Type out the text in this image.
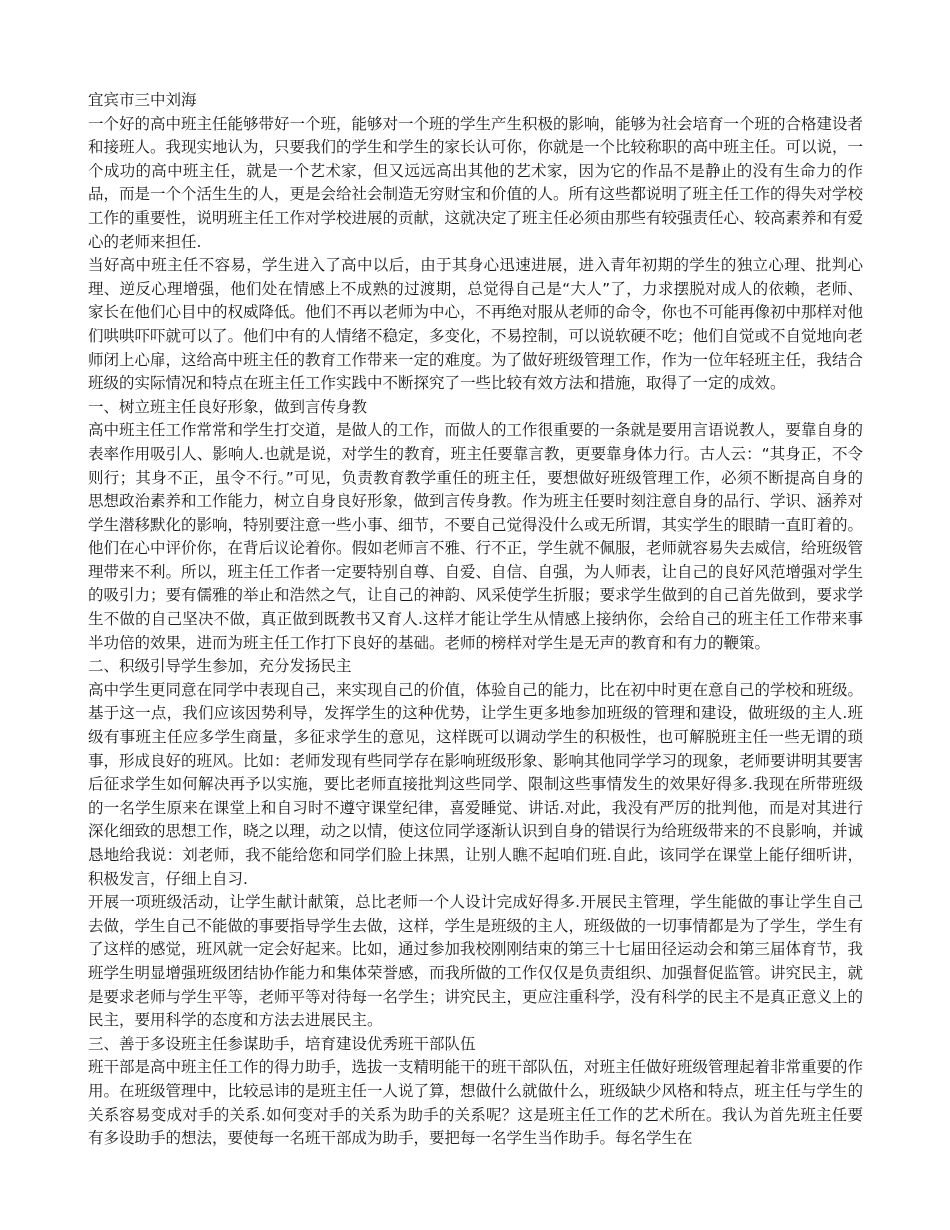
宜宾市三中刘海

一个好的高中班主任能够带好一个班，能够对一个班的学生产生积极的影响，能够为社会培育一个班的合格建设者和接班人。我现实地认为，只要我们的学生和学生的家长认可你，你就是一个比较称职的高中班主任。可以说，一个成功的高中班主任，就是一个艺术家，但又远远高出其他的艺术家，因为它的作品不是静止的没有生命力的作品，而是一个个活生生的人，更是会给社会制造无穷财宝和价值的人。所有这些都说明了班主任工作的得失对学校工作的重要性，说明班主任工作对学校进展的贡献，这就决定了班主任必须由那些有较强责任心、较高素养和有爱心的老师来担任.

当好高中班主任不容易，学生进入了高中以后，由于其身心迅速进展，进入青年初期的学生的独立心理、批判心理、逆反心理增强，他们处在情感上不成熟的过渡期，总觉得自己是“大人”了，力求摆脱对成人的依赖，老师、家长在他们心目中的权威降低。他们不再以老师为中心，不再绝对服从老师的命令，你也不可能再像初中那样对他们哄哄吓吓就可以了。他们中有的人情绪不稳定，多变化，不易控制，可以说软硬不吃；他们自觉或不自觉地向老师闭上心扉，这给高中班主任的教育工作带来一定的难度。为了做好班级管理工作，作为一位年轻班主任，我结合班级的实际情况和特点在班主任工作实践中不断探究了一些比较有效方法和措施，取得了一定的成效。

一、树立班主任良好形象，做到言传身教

高中班主任工作常常和学生打交道，是做人的工作，而做人的工作很重要的一条就是要用言语说教人，要靠自身的表率作用吸引人、影响人.也就是说，对学生的教育，班主任要靠言教，更要靠身体力行。古人云：“其身正，不令则行；其身不正，虽令不行。”可见，负责教育教学重任的班主任，要想做好班级管理工作，必须不断提高自身的思想政治素养和工作能力，树立自身良好形象，做到言传身教。作为班主任要时刻注意自身的品行、学识、涵养对学生潜移默化的影响，特别要注意一些小事、细节，不要自己觉得没什么或无所谓，其实学生的眼睛一直盯着的。他们在心中评价你，在背后议论着你。假如老师言不雅、行不正，学生就不佩服，老师就容易失去威信，给班级管理带来不利。所以，班主任工作者一定要特别自尊、自爱、自信、自强，为人师表，让自己的良好风范增强对学生的吸引力；要有儒雅的举止和浩然之气，让自己的神韵、风采使学生折服；要求学生做到的自己首先做到，要求学生不做的自己坚决不做，真正做到既教书又育人.这样才能让学生从情感上接纳你，会给自己的班主任工作带来事半功倍的效果，进而为班主任工作打下良好的基础。老师的榜样对学生是无声的教育和有力的鞭策。

二、积级引导学生参加，充分发扬民主

高中学生更同意在同学中表现自己，来实现自己的价值，体验自己的能力，比在初中时更在意自己的学校和班级。基于这一点，我们应该因势利导，发挥学生的这种优势，让学生更多地参加班级的管理和建设，做班级的主人.班级有事班主任应多学生商量，多征求学生的意见，这样既可以调动学生的积极性，也可解脱班主任一些无谓的琐事，形成良好的班风。比如：老师发现有些同学存在影响班级形象、影响其他同学学习的现象，老师要讲明其要害后征求学生如何解决再予以实施，要比老师直接批判这些同学、限制这些事情发生的效果好得多.我现在所带班级的一名学生原来在课堂上和自习时不遵守课堂纪律，喜爱睡觉、讲话.对此，我没有严厉的批判他，而是对其进行深化细致的思想工作，晓之以理，动之以情，使这位同学逐渐认识到自身的错误行为给班级带来的不良影响，并诚恳地给我说：刘老师，我不能给您和同学们脸上抹黑，让别人瞧不起咱们班.自此，该同学在课堂上能仔细听讲，积极发言，仔细上自习.

开展一项班级活动，让学生献计献策，总比老师一个人设计完成好得多.开展民主管理，学生能做的事让学生自己去做，学生自己不能做的事要指导学生去做，这样，学生是班级的主人，班级做的一切事情都是为了学生，学生有了这样的感觉，班风就一定会好起来。比如，通过参加我校刚刚结束的第三十七届田径运动会和第三届体育节，我班学生明显增强班级团结协作能力和集体荣誉感，而我所做的工作仅仅是负责组织、加强督促监管。讲究民主，就是要求老师与学生平等，老师平等对待每一名学生；讲究民主，更应注重科学，没有科学的民主不是真正意义上的民主，要用科学的态度和方法去进展民主。

三、善于多设班主任参谋助手，培育建设优秀班干部队伍

班干部是高中班主任工作的得力助手，选拔一支精明能干的班干部队伍，对班主任做好班级管理起着非常重要的作用。在班级管理中，比较忌讳的是班主任一人说了算，想做什么就做什么，班级缺少风格和特点，班主任与学生的关系容易变成对手的关系.如何变对手的关系为助手的关系呢？这是班主任工作的艺术所在。我认为首先班主任要有多设助手的想法，要使每一名班干部成为助手，要把每一名学生当作助手。每名学生在
